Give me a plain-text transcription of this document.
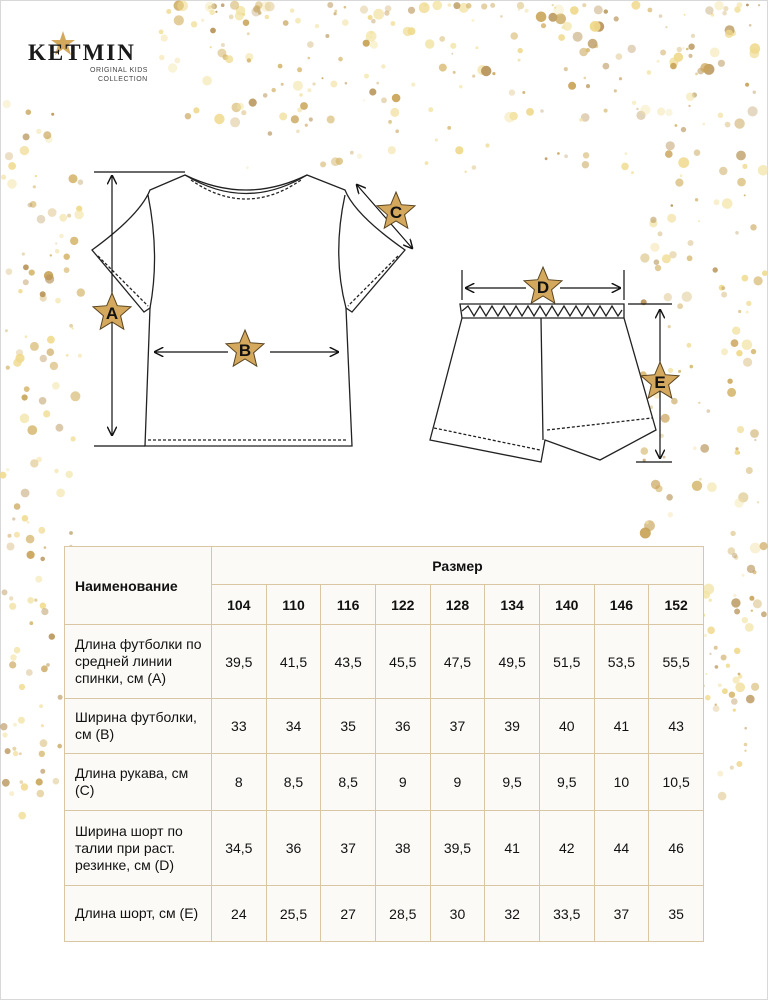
KETMIN
ORIGINAL KIDS
COLLECTION
A
B
C
D
E
Наименование	Размер								
	104	110	116	122	128	134	140	146	152
Длина футболки по средней линии спинки, см (A)	39,5	41,5	43,5	45,5	47,5	49,5	51,5	53,5	55,5
Ширина футболки, см (B)	33	34	35	36	37	39	40	41	43
Длина рукава, см (С)	8	8,5	8,5	9	9	9,5	9,5	10	10,5
Ширина шорт по талии при раст. резинке, см (D)	34,5	36	37	38	39,5	41	42	44	46
Длина шорт, см (E)	24	25,5	27	28,5	30	32	33,5	37	35
